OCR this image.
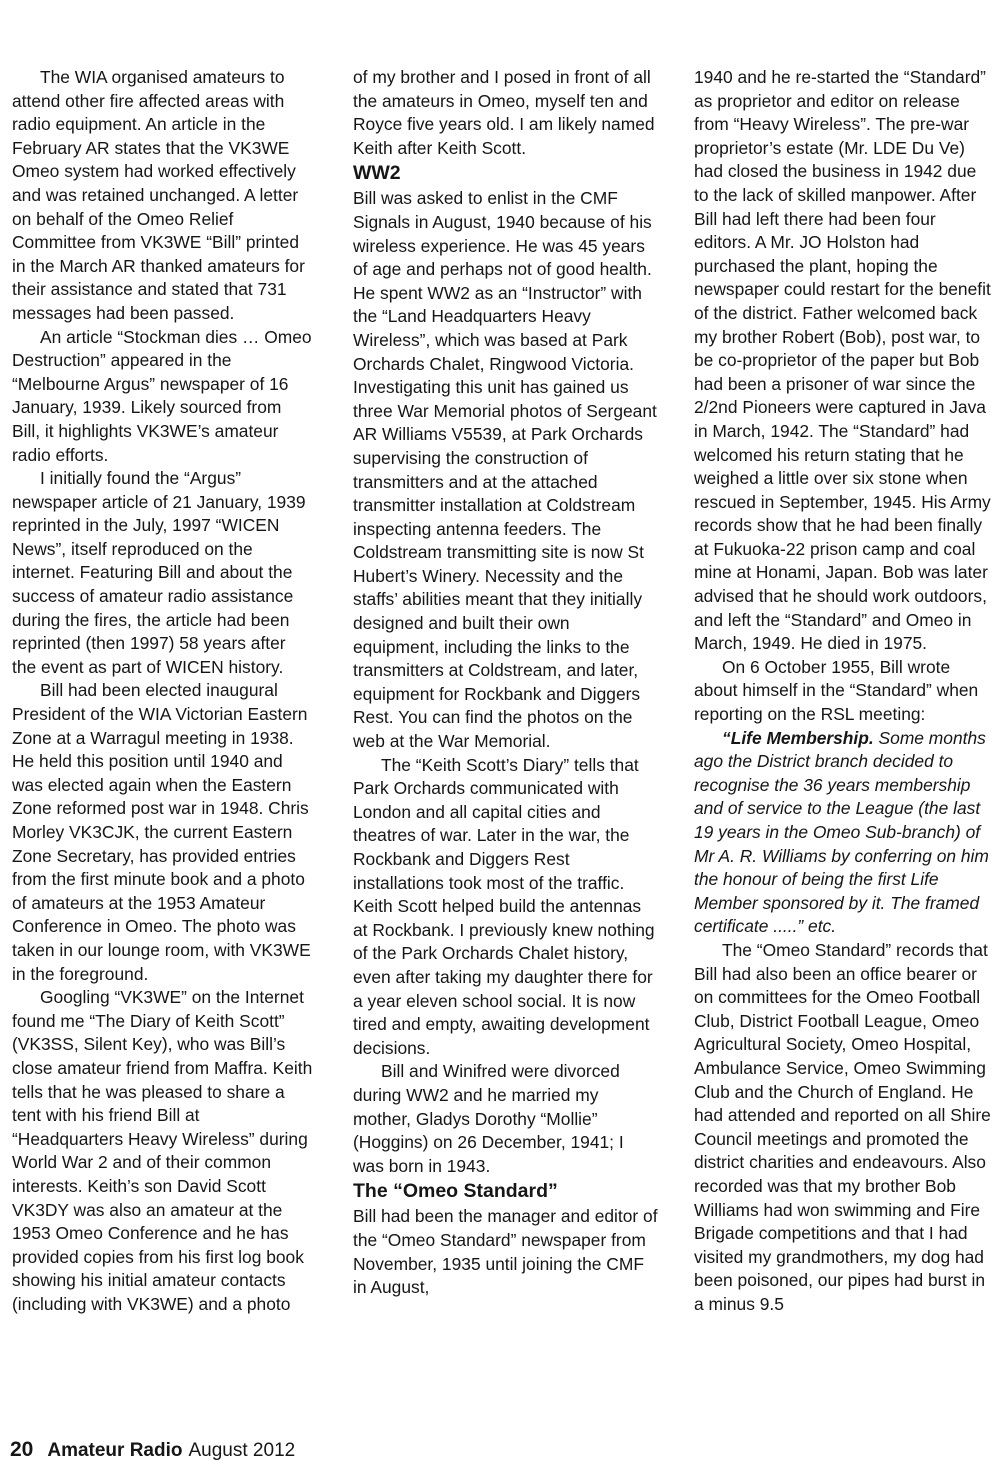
The WIA organised amateurs to attend other fire affected areas with radio equipment. An article in the February AR states that the VK3WE Omeo system had worked effectively and was retained unchanged. A letter on behalf of the Omeo Relief Committee from VK3WE “Bill” printed in the March AR thanked amateurs for their assistance and stated that 731 messages had been passed.

An article “Stockman dies … Omeo Destruction” appeared in the “Melbourne Argus” newspaper of 16 January, 1939. Likely sourced from Bill, it highlights VK3WE’s amateur radio efforts.

I initially found the “Argus” newspaper article of 21 January, 1939 reprinted in the July, 1997 “WICEN News”, itself reproduced on the internet. Featuring Bill and about the success of amateur radio assistance during the fires, the article had been reprinted (then 1997) 58 years after the event as part of WICEN history.

Bill had been elected inaugural President of the WIA Victorian Eastern Zone at a Warragul meeting in 1938. He held this position until 1940 and was elected again when the Eastern Zone reformed post war in 1948. Chris Morley VK3CJK, the current Eastern Zone Secretary, has provided entries from the first minute book and a photo of amateurs at the 1953 Amateur Conference in Omeo. The photo was taken in our lounge room, with VK3WE in the foreground.

Googling “VK3WE” on the Internet found me “The Diary of Keith Scott” (VK3SS, Silent Key), who was Bill’s close amateur friend from Maffra. Keith tells that he was pleased to share a tent with his friend Bill at “Headquarters Heavy Wireless” during World War 2 and of their common interests. Keith’s son David Scott VK3DY was also an amateur at the 1953 Omeo Conference and he has provided copies from his first log book showing his initial amateur contacts (including with VK3WE) and a photo

of my brother and I posed in front of all the amateurs in Omeo, myself ten and Royce five years old. I am likely named Keith after Keith Scott.

WW2

Bill was asked to enlist in the CMF Signals in August, 1940 because of his wireless experience. He was 45 years of age and perhaps not of good health. He spent WW2 as an “Instructor” with the “Land Headquarters Heavy Wireless”, which was based at Park Orchards Chalet, Ringwood Victoria. Investigating this unit has gained us three War Memorial photos of Sergeant AR Williams V5539, at Park Orchards supervising the construction of transmitters and at the attached transmitter installation at Coldstream inspecting antenna feeders. The Coldstream transmitting site is now St Hubert’s Winery. Necessity and the staffs’ abilities meant that they initially designed and built their own equipment, including the links to the transmitters at Coldstream, and later, equipment for Rockbank and Diggers Rest. You can find the photos on the web at the War Memorial.

The “Keith Scott’s Diary” tells that Park Orchards communicated with London and all capital cities and theatres of war. Later in the war, the Rockbank and Diggers Rest installations took most of the traffic. Keith Scott helped build the antennas at Rockbank. I previously knew nothing of the Park Orchards Chalet history, even after taking my daughter there for a year eleven school social. It is now tired and empty, awaiting development decisions.

Bill and Winifred were divorced during WW2 and he married my mother, Gladys Dorothy “Mollie” (Hoggins) on 26 December, 1941; I was born in 1943.

The “Omeo Standard”

Bill had been the manager and editor of the “Omeo Standard” newspaper from November, 1935 until joining the CMF in August,

1940 and he re-started the “Standard” as proprietor and editor on release from “Heavy Wireless”. The pre-war proprietor’s estate (Mr. LDE Du Ve) had closed the business in 1942 due to the lack of skilled manpower. After Bill had left there had been four editors. A Mr. JO Holston had purchased the plant, hoping the newspaper could restart for the benefit of the district. Father welcomed back my brother Robert (Bob), post war, to be co-proprietor of the paper but Bob had been a prisoner of war since the 2/2nd Pioneers were captured in Java in March, 1942. The “Standard” had welcomed his return stating that he weighed a little over six stone when rescued in September, 1945. His Army records show that he had been finally at Fukuoka-22 prison camp and coal mine at Honami, Japan. Bob was later advised that he should work outdoors, and left the “Standard” and Omeo in March, 1949. He died in 1975.

On 6 October 1955, Bill wrote about himself in the “Standard” when reporting on the RSL meeting:

“Life Membership. Some months ago the District branch decided to recognise the 36 years membership and of service to the League (the last 19 years in the Omeo Sub-branch) of Mr A. R. Williams by conferring on him the honour of being the first Life Member sponsored by it. The framed certificate .....” etc.

The “Omeo Standard” records that Bill had also been an office bearer or on committees for the Omeo Football Club, District Football League, Omeo Agricultural Society, Omeo Hospital, Ambulance Service, Omeo Swimming Club and the Church of England. He had attended and reported on all Shire Council meetings and promoted the district charities and endeavours. Also recorded was that my brother Bob Williams had won swimming and Fire Brigade competitions and that I had visited my grandmothers, my dog had been poisoned, our pipes had burst in a minus 9.5

20 Amateur Radio August 2012
